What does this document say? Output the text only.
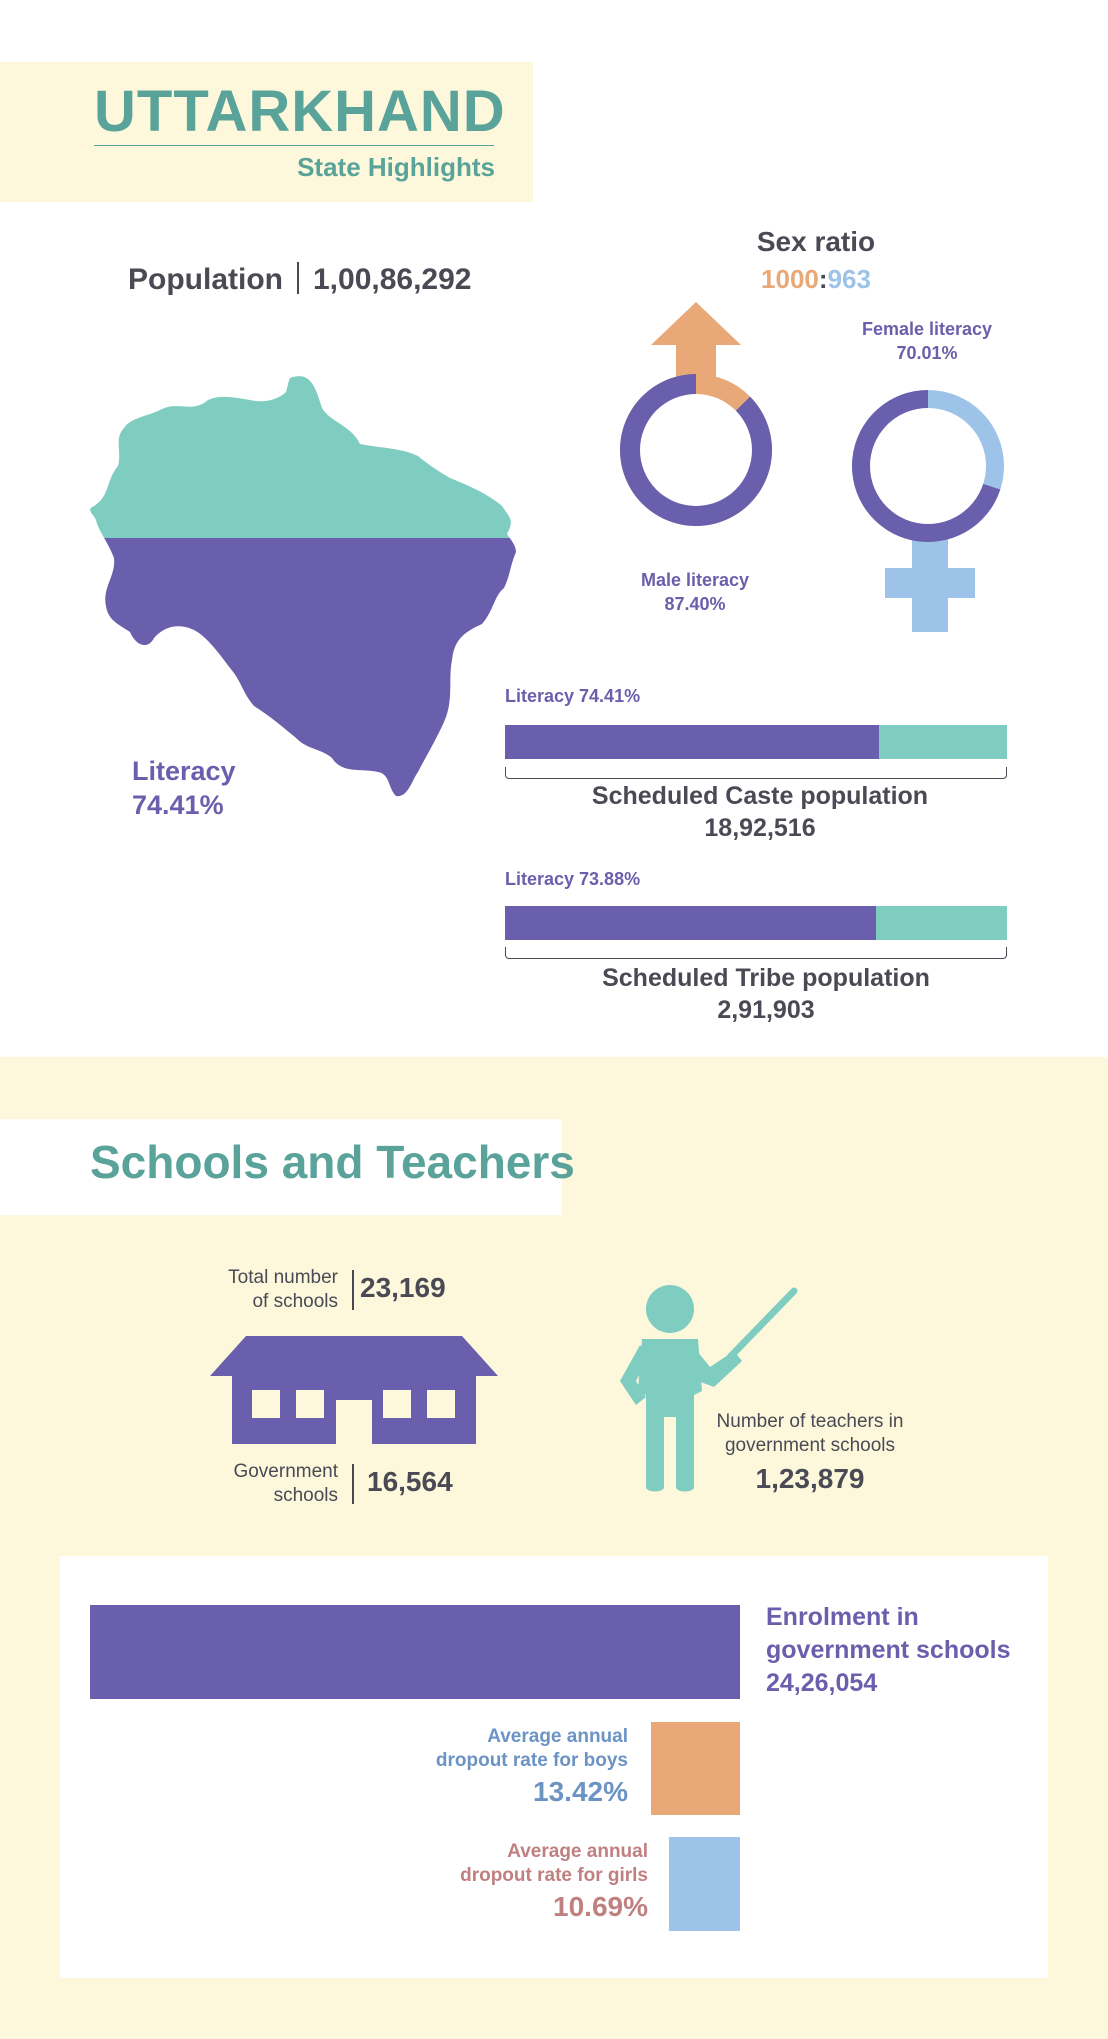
UTTARKHAND
State Highlights
Population 1,00,86,292
Literacy
74.41%
Sex ratio
1000:963
Male literacy
87.40%
Female literacy
70.01%
Literacy 74.41%
Scheduled Caste population
18,92,516
Literacy 73.88%
Scheduled Tribe population
2,91,903
Schools and Teachers
Total number
of schools 23,169
Government
schools 16,564
Number of teachers in
government schools
1,23,879
Enrolment in
government schools
24,26,054
Average annual
dropout rate for boys
13.42%
Average annual
dropout rate for girls
10.69%
